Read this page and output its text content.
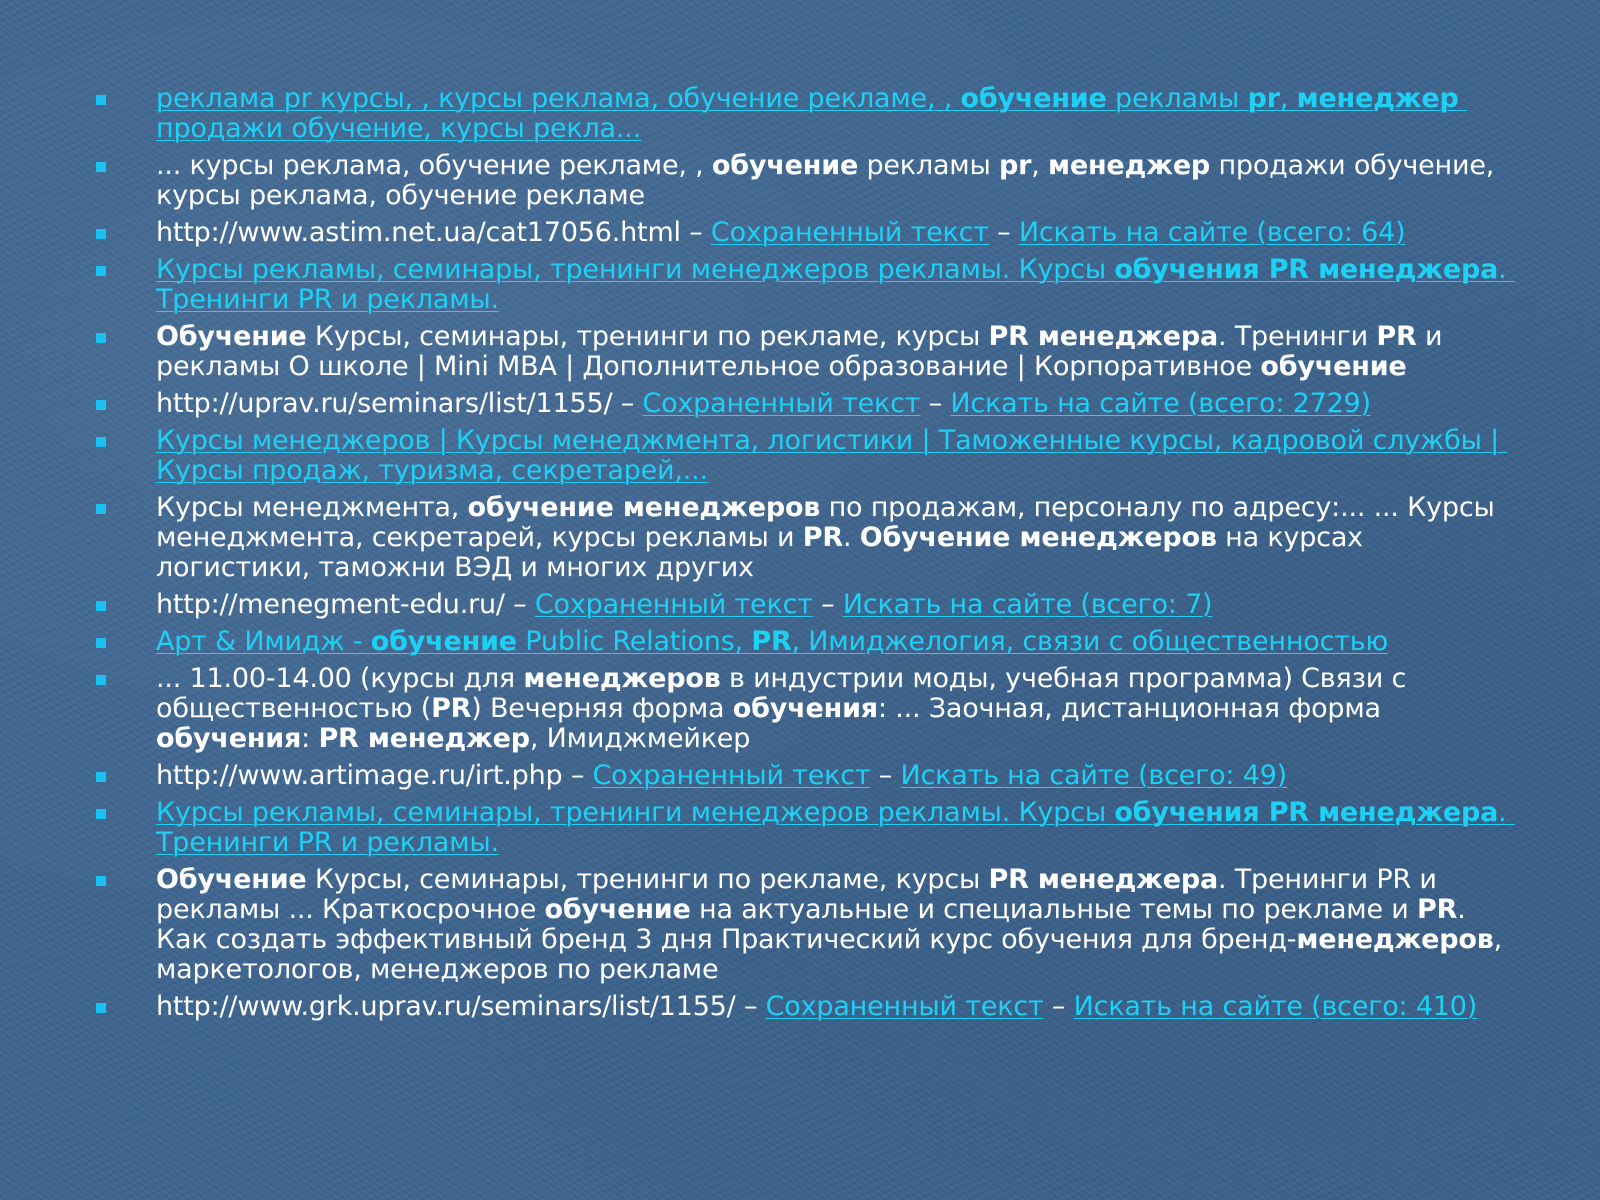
реклама pr курсы, , курсы реклама, обучение рекламе, , обучение рекламы pr, менеджер продажи обучение, курсы рекла...
... курсы реклама, обучение рекламе, , обучение рекламы pr, менеджер продажи обучение, курсы реклама, обучение рекламе
http://www.astim.net.ua/cat17056.html – Сохраненный текст – Искать на сайте (всего: 64)
Курсы рекламы, семинары, тренинги менеджеров рекламы. Курсы обучения PR менеджера. Тренинги PR и рекламы.
Обучение Курсы, семинары, тренинги по рекламе, курсы PR менеджера. Тренинги PR и рекламы О школе | Mini MBA | Дополнительное образование | Корпоративное обучение
http://uprav.ru/seminars/list/1155/ – Сохраненный текст – Искать на сайте (всего: 2729)
Курсы менеджеров | Курсы менеджмента, логистики | Таможенные курсы, кадровой службы | Курсы продаж, туризма, секретарей,...
Курсы менеджмента, обучение менеджеров по продажам, персоналу по адресу:... ... Курсы менеджмента, секретарей, курсы рекламы и PR. Обучение менеджеров на курсах логистики, таможни ВЭД и многих других
http://menegment-edu.ru/ – Сохраненный текст – Искать на сайте (всего: 7)
Арт & Имидж - обучение Public Relations, PR, Имиджелогия, связи с общественностью
... 11.00-14.00 (курсы для менеджеров в индустрии моды, учебная программа) Связи с общественностью (PR) Вечерняя форма обучения: ... Заочная, дистанционная форма обучения: PR менеджер, Имиджмейкер
http://www.artimage.ru/irt.php – Сохраненный текст – Искать на сайте (всего: 49)
Курсы рекламы, семинары, тренинги менеджеров рекламы. Курсы обучения PR менеджера. Тренинги PR и рекламы.
Обучение Курсы, семинары, тренинги по рекламе, курсы PR менеджера. Тренинги PR и рекламы ... Краткосрочное обучение на актуальные и специальные темы по рекламе и PR. Как создать эффективный бренд 3 дня Практический курс обучения для бренд-менеджеров, маркетологов, менеджеров по рекламе
http://www.grk.uprav.ru/seminars/list/1155/ – Сохраненный текст – Искать на сайте (всего: 410)
